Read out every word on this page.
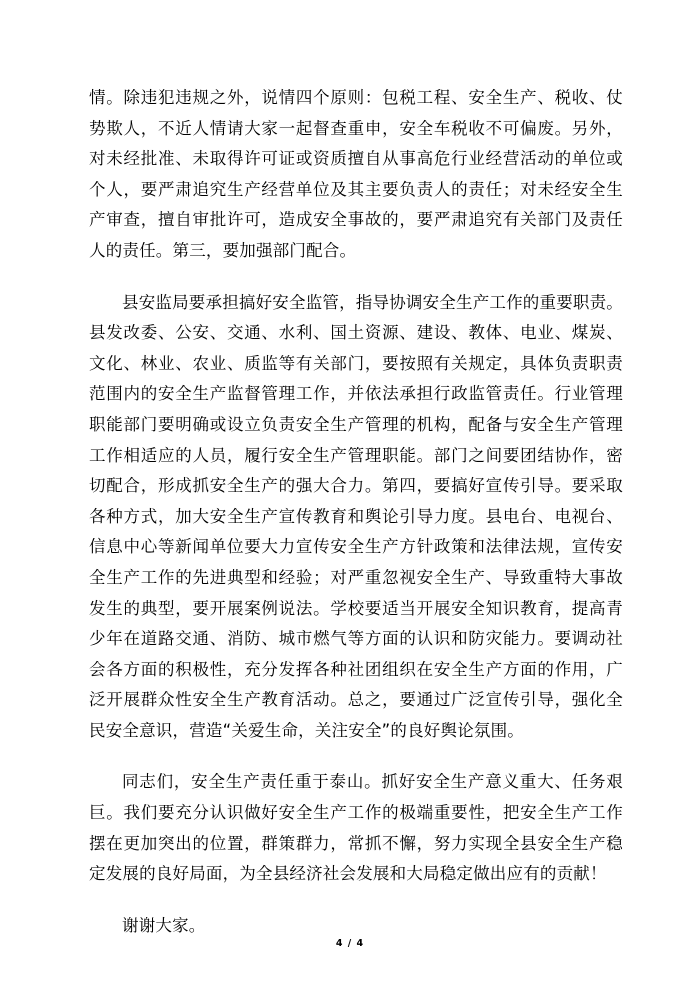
情。除违犯违规之外，说情四个原则：包税工程、安全生产、税收、仗势欺人，不近人情请大家一起督查重申，安全车税收不可偏废。另外，对未经批准、未取得许可证或资质擅自从事高危行业经营活动的单位或个人，要严肃追究生产经营单位及其主要负责人的责任；对未经安全生产审查，擅自审批许可，造成安全事故的，要严肃追究有关部门及责任人的责任。第三，要加强部门配合。

县安监局要承担搞好安全监管，指导协调安全生产工作的重要职责。县发改委、公安、交通、水利、国土资源、建设、教体、电业、煤炭、文化、林业、农业、质监等有关部门，要按照有关规定，具体负责职责范围内的安全生产监督管理工作，并依法承担行政监管责任。行业管理职能部门要明确或设立负责安全生产管理的机构，配备与安全生产管理工作相适应的人员，履行安全生产管理职能。部门之间要团结协作，密切配合，形成抓安全生产的强大合力。第四，要搞好宣传引导。要采取各种方式，加大安全生产宣传教育和舆论引导力度。县电台、电视台、信息中心等新闻单位要大力宣传安全生产方针政策和法律法规，宣传安全生产工作的先进典型和经验；对严重忽视安全生产、导致重特大事故发生的典型，要开展案例说法。学校要适当开展安全知识教育，提高青少年在道路交通、消防、城市燃气等方面的认识和防灾能力。要调动社会各方面的积极性，充分发挥各种社团组织在安全生产方面的作用，广泛开展群众性安全生产教育活动。总之，要通过广泛宣传引导，强化全民安全意识，营造“关爱生命，关注安全”的良好舆论氛围。

同志们，安全生产责任重于泰山。抓好安全生产意义重大、任务艰巨。我们要充分认识做好安全生产工作的极端重要性，把安全生产工作摆在更加突出的位置，群策群力，常抓不懈，努力实现全县安全生产稳定发展的良好局面，为全县经济社会发展和大局稳定做出应有的贡献！

谢谢大家。

4 / 4
